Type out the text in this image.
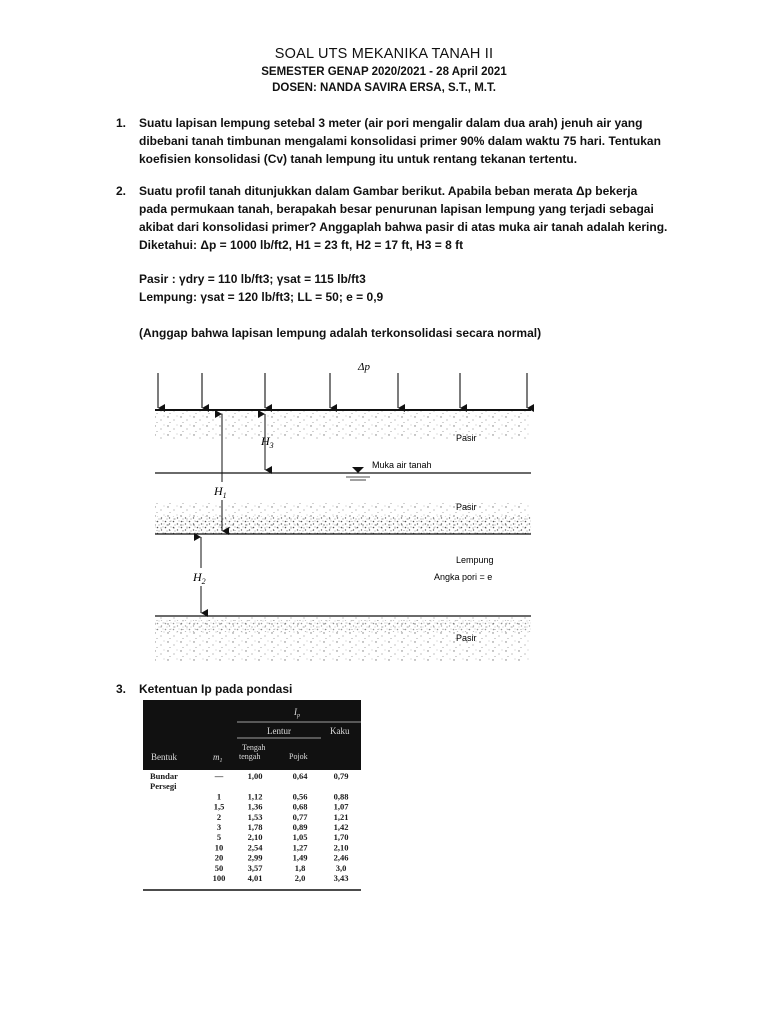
SOAL UTS MEKANIKA TANAH II
SEMESTER GENAP 2020/2021 - 28 April 2021
DOSEN: NANDA SAVIRA ERSA, S.T., M.T.
1. Suatu lapisan lempung setebal 3 meter (air pori mengalir dalam dua arah) jenuh air yang
dibebani tanah timbunan mengalami konsolidasi primer 90% dalam waktu 75 hari. Tentukan
koefisien konsolidasi (Cv) tanah lempung itu untuk rentang tekanan tertentu.
2. Suatu profil tanah ditunjukkan dalam Gambar berikut. Apabila beban merata Δp bekerja
pada permukaan tanah, berapakah besar penurunan lapisan lempung yang terjadi sebagai
akibat dari konsolidasi primer? Anggaplah bahwa pasir di atas muka air tanah adalah kering.
Diketahui: Δp = 1000 lb/ft2, H1 = 23 ft, H2 = 17 ft, H3 = 8 ft
Pasir : γdry = 110 lb/ft3; γsat = 115 lb/ft3
Lempung: γsat = 120 lb/ft3; LL = 50; e = 0,9
(Anggap bahwa lapisan lempung adalah terkonsolidasi secara normal)
Δp
Pasir
Muka air tanah
Pasir
Lempung
Angka pori = e
Pasir
$H_3$
$H_1$
$H_2$
3. Ketentuan Ip pada pondasi
$I_p$
Lentur	Kaku
Bentuk	$m_1$
Tengah
tengah	Pojok
Bundar	—	1,00	0,64	0,79
Persegi
1	1,12	0,56	0,88
1,5	1,36	0,68	1,07
2	1,53	0,77	1,21
3	1,78	0,89	1,42
5	2,10	1,05	1,70
10	2,54	1,27	2,10
20	2,99	1,49	2,46
50	3,57	1,8	3,0
100	4,01	2,0	3,43
